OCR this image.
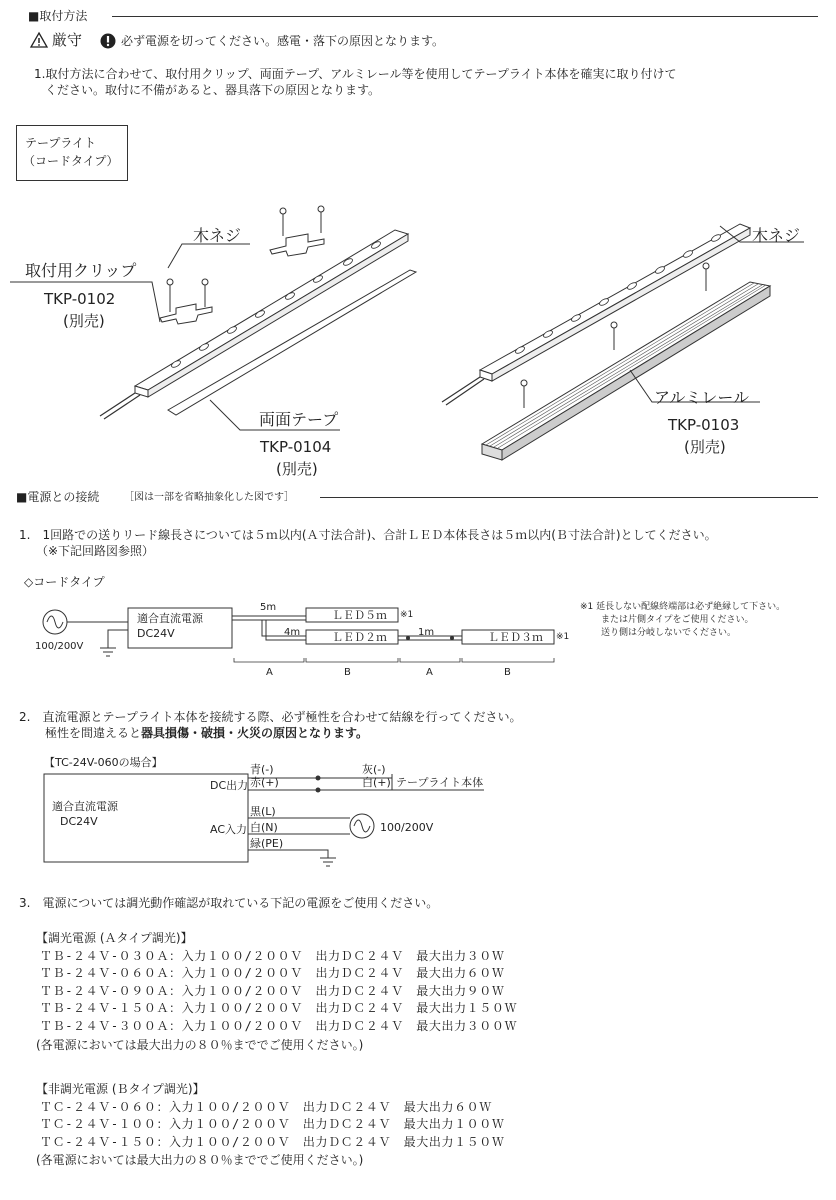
■取付方法
厳守	必ず電源を切ってください。感電・落下の原因となります。
1.取付方法に合わせて、取付用クリップ、両面テープ、アルミレール等を使用してテープライト本体を確実に取り付けて
ください。取付に不備があると、器具落下の原因となります。
テープライト
（コードタイプ）
木ネジ
取付用クリップ
TKP-0102
(別売)
両面テープ
TKP-0104
(別売)
木ネジ
アルミレール
TKP-0103
(別売)
■電源との接続 ［図は一部を省略抽象化した図です］
1.　1回路での送りリード線長さについては５ｍ以内(Ａ寸法合計)、合計ＬＥＤ本体長さは５ｍ以内(Ｂ寸法合計)としてください。
（※下記回路図参照）
◇コードタイプ
適合直流電源
DC24V
100/200V
5m
4m	1m
ＬＥＤ５ｍ ※1
ＬＥＤ２ｍ	ＬＥＤ３ｍ ※1
A	B	A	B
※1 延長しない配線終端部は必ず絶縁して下さい。
または片側タイプをご使用ください。
送り側は分岐しないでください。
2.　直流電源とテープライト本体を接続する際、必ず極性を合わせて結線を行ってください。
極性を間違えると器具損傷・破損・火災の原因となります。
【TC-24V-060の場合】
適合直流電源
DC24V
DC出力
AC入力
青(-)
赤(+)
灰(-)
白(+) テープライト本体
黒(L)
白(N)
緑(PE)
100/200V
3.　電源については調光動作確認が取れている下記の電源をご使用ください。
【調光電源 (Ａタイプ調光)】
ＴＢ-２４Ｖ-０３０Ａ：入力１００/２００Ｖ　出力ＤＣ２４Ｖ　最大出力３０Ｗ
ＴＢ-２４Ｖ-０６０Ａ：入力１００/２００Ｖ　出力ＤＣ２４Ｖ　最大出力６０Ｗ
ＴＢ-２４Ｖ-０９０Ａ：入力１００/２００Ｖ　出力ＤＣ２４Ｖ　最大出力９０Ｗ
ＴＢ-２４Ｖ-１５０Ａ：入力１００/２００Ｖ　出力ＤＣ２４Ｖ　最大出力１５０Ｗ
ＴＢ-２４Ｖ-３００Ａ：入力１００/２００Ｖ　出力ＤＣ２４Ｖ　最大出力３００Ｗ
(各電源においては最大出力の８０％まででご使用ください。)
【非調光電源 (Ｂタイプ調光)】
ＴＣ-２４Ｖ-０６０：入力１００/２００Ｖ　出力ＤＣ２４Ｖ　最大出力６０Ｗ
ＴＣ-２４Ｖ-１００：入力１００/２００Ｖ　出力ＤＣ２４Ｖ　最大出力１００Ｗ
ＴＣ-２４Ｖ-１５０：入力１００/２００Ｖ　出力ＤＣ２４Ｖ　最大出力１５０Ｗ
(各電源においては最大出力の８０％まででご使用ください。)
